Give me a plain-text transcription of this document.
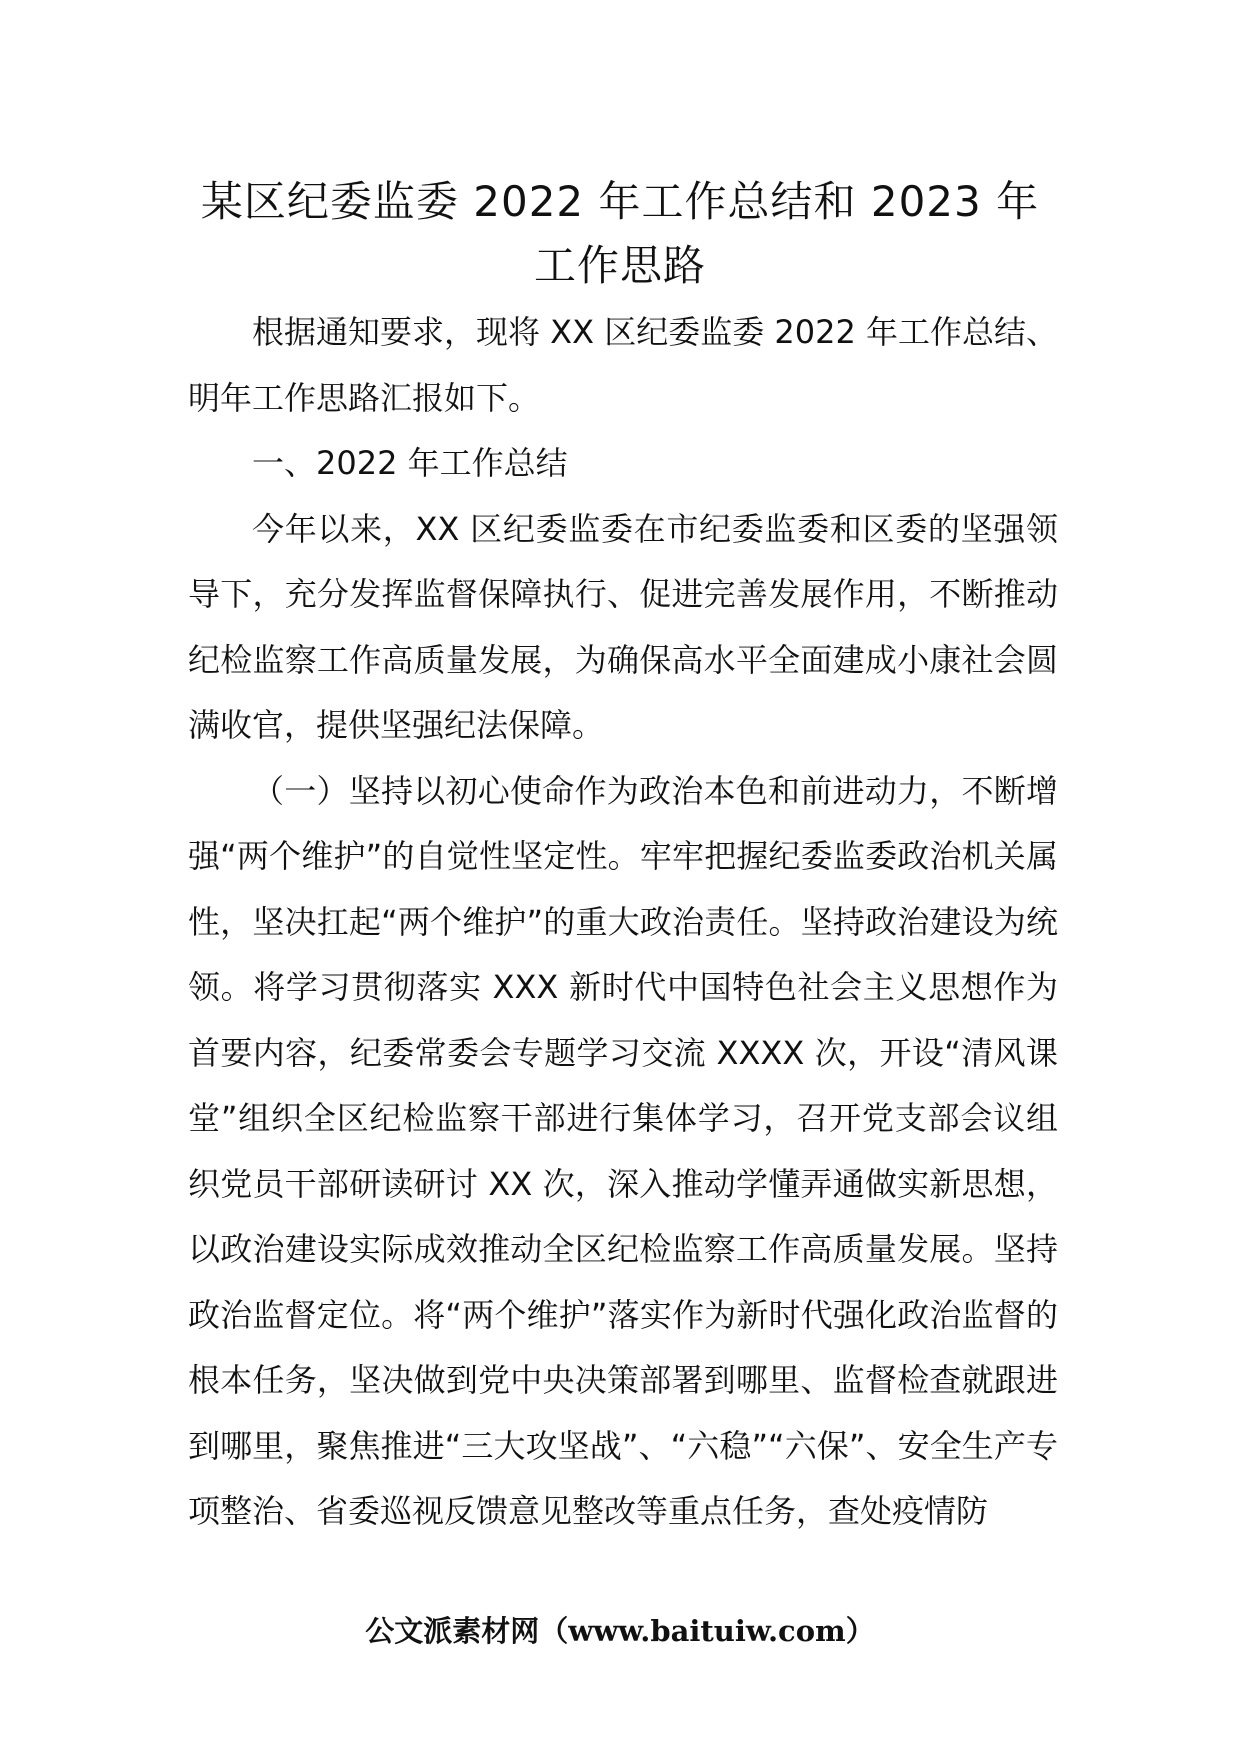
某区纪委监委 2022 年工作总结和 2023 年
工作思路

根据通知要求，现将 XX 区纪委监委 2022 年工作总结、明年工作思路汇报如下。

一、2022 年工作总结

今年以来，XX 区纪委监委在市纪委监委和区委的坚强领导下，充分发挥监督保障执行、促进完善发展作用，不断推动纪检监察工作高质量发展，为确保高水平全面建成小康社会圆满收官，提供坚强纪法保障。

（一）坚持以初心使命作为政治本色和前进动力，不断增强“两个维护”的自觉性坚定性。牢牢把握纪委监委政治机关属性，坚决扛起“两个维护”的重大政治责任。坚持政治建设为统领。将学习贯彻落实 XXX 新时代中国特色社会主义思想作为首要内容，纪委常委会专题学习交流 XXXX 次，开设“清风课堂”组织全区纪检监察干部进行集体学习，召开党支部会议组织党员干部研读研讨 XX 次，深入推动学懂弄通做实新思想，以政治建设实际成效推动全区纪检监察工作高质量发展。坚持政治监督定位。将“两个维护”落实作为新时代强化政治监督的根本任务，坚决做到党中央决策部署到哪里、监督检查就跟进到哪里，聚焦推进“三大攻坚战”、“六稳”“六保”、安全生产专项整治、省委巡视反馈意见整改等重点任务，查处疫情防

公文派素材网（www.baituiw.com）
